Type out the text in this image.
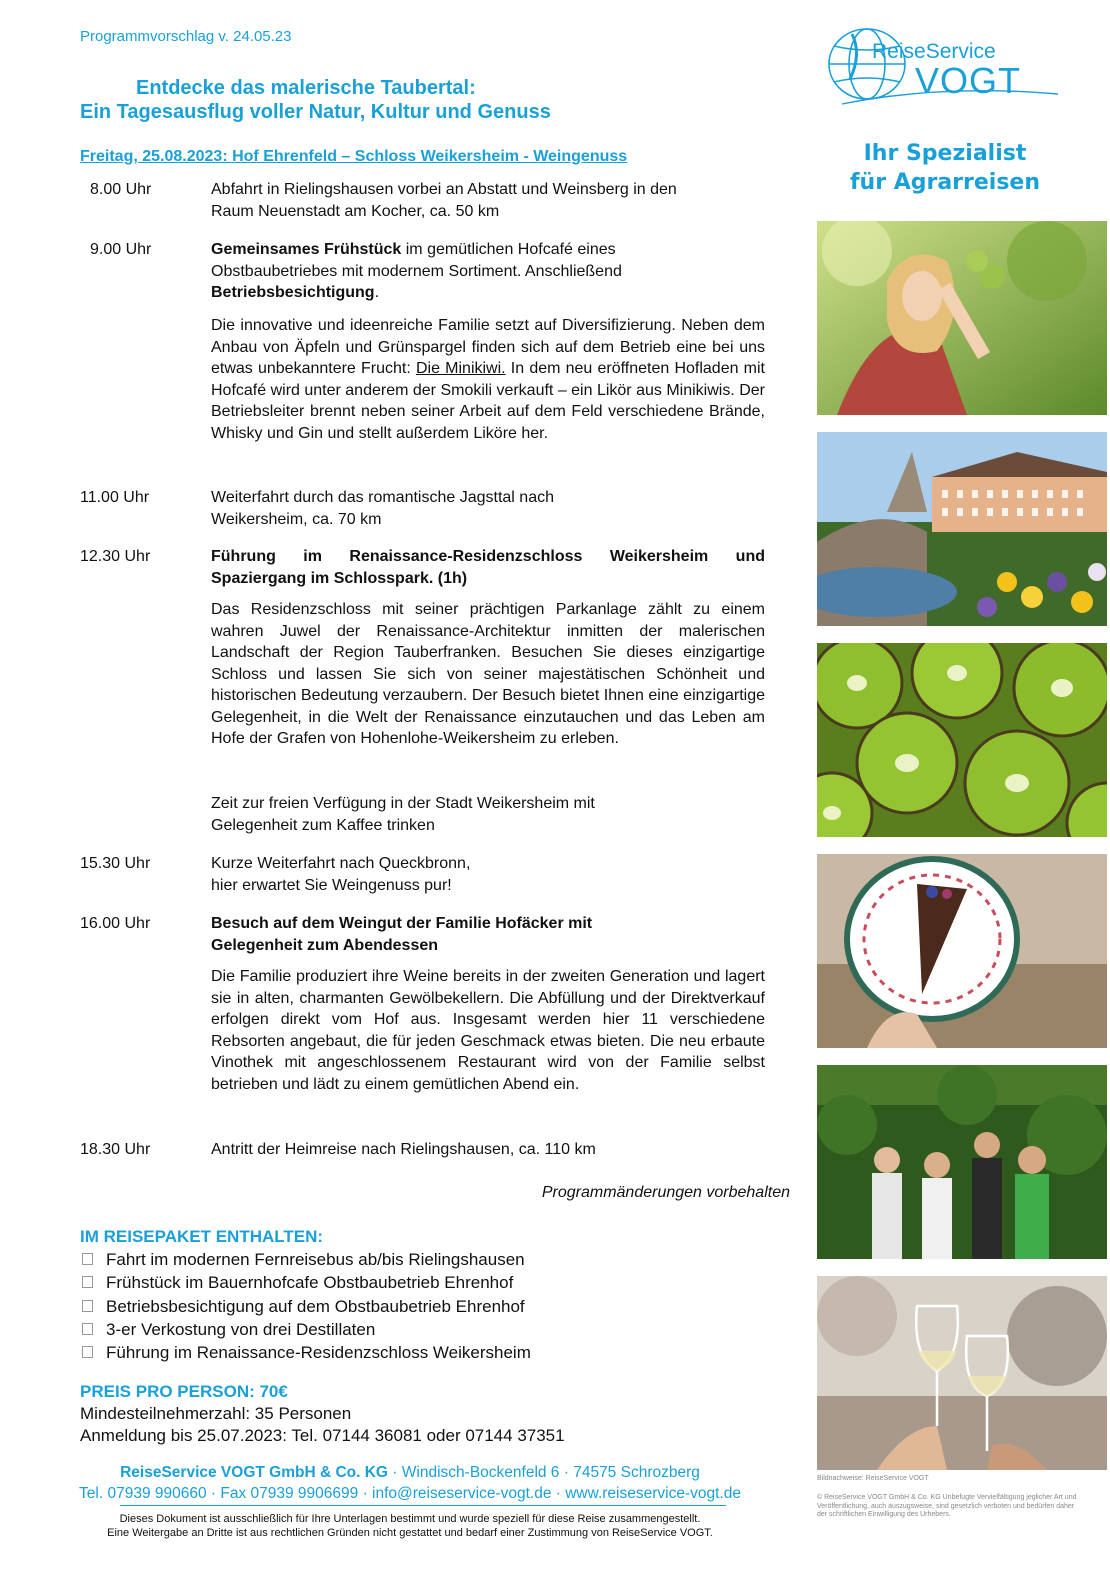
Programmvorschlag v. 24.05.23
Entdecke das malerische Taubertal:
Ein Tagesausflug voller Natur, Kultur und Genuss
Freitag, 25.08.2023: Hof Ehrenfeld – Schloss Weikersheim - Weingenuss
8.00 Uhr	Abfahrt in Rielingshausen vorbei an Abstatt und Weinsberg in den
Raum Neuenstadt am Kocher, ca. 50 km
9.00 Uhr	Gemeinsames Frühstück im gemütlichen Hofcafé eines
Obstbaubetriebes mit modernem Sortiment. Anschließend
Betriebsbesichtigung.
Die innovative und ideenreiche Familie setzt auf Diversifizierung. Neben dem Anbau von Äpfeln und Grünspargel finden sich auf dem Betrieb eine bei uns etwas unbekanntere Frucht: Die Minikiwi. In dem neu eröffneten Hofladen mit Hofcafé wird unter anderem der Smokili verkauft – ein Likör aus Minikiwis. Der Betriebsleiter brennt neben seiner Arbeit auf dem Feld verschiedene Brände, Whisky und Gin und stellt außerdem Liköre her.
11.00 Uhr	Weiterfahrt durch das romantische Jagsttal nach
Weikersheim, ca. 70 km
12.30 Uhr	Führung im Renaissance-Residenzschloss Weikersheim und
Spaziergang im Schlosspark. (1h)
Das Residenzschloss mit seiner prächtigen Parkanlage zählt zu einem wahren Juwel der Renaissance-Architektur inmitten der malerischen Landschaft der Region Tauberfranken. Besuchen Sie dieses einzigartige Schloss und lassen Sie sich von seiner majestätischen Schönheit und historischen Bedeutung verzaubern. Der Besuch bietet Ihnen eine einzigartige Gelegenheit, in die Welt der Renaissance einzutauchen und das Leben am Hofe der Grafen von Hohenlohe-Weikersheim zu erleben.
Zeit zur freien Verfügung in der Stadt Weikersheim mit
Gelegenheit zum Kaffee trinken
15.30 Uhr	Kurze Weiterfahrt nach Queckbronn,
hier erwartet Sie Weingenuss pur!
16.00 Uhr	Besuch auf dem Weingut der Familie Hofäcker mit
Gelegenheit zum Abendessen
Die Familie produziert ihre Weine bereits in der zweiten Generation und lagert sie in alten, charmanten Gewölbekellern. Die Abfüllung und der Direktverkauf erfolgen direkt vom Hof aus. Insgesamt werden hier 11 verschiedene Rebsorten angebaut, die für jeden Geschmack etwas bieten. Die neu erbaute Vinothek mit angeschlossenem Restaurant wird von der Familie selbst betrieben und lädt zu einem gemütlichen Abend ein.
18.30 Uhr	Antritt der Heimreise nach Rielingshausen, ca. 110 km
Programmänderungen vorbehalten
IM REISEPAKET ENTHALTEN:
Fahrt im modernen Fernreisebus ab/bis Rielingshausen
Frühstück im Bauernhofcafe Obstbaubetrieb Ehrenhof
Betriebsbesichtigung auf dem Obstbaubetrieb Ehrenhof
3-er Verkostung von drei Destillaten
Führung im Renaissance-Residenzschloss Weikersheim
PREIS PRO PERSON: 70€
Mindesteilnehmerzahl: 35 Personen
Anmeldung bis 25.07.2023: Tel. 07144 36081 oder 07144 37351
ReiseService VOGT GmbH & Co. KG · Windisch-Bockenfeld 6 · 74575 Schrozberg
Tel. 07939 990660 · Fax 07939 9906699 · info@reiseservice-vogt.de · www.reiseservice-vogt.de
Dieses Dokument ist ausschließlich für Ihre Unterlagen bestimmt und wurde speziell für diese Reise zusammengestellt.
Eine Weitergabe an Dritte ist aus rechtlichen Gründen nicht gestattet und bedarf einer Zustimmung von ReiseService VOGT.
ReiseService
VOGT
Ihr Spezialist
für Agrarreisen
Bildnachweise: ReiseService VOGT
© ReiseService VOGT GmbH & Co. KG Unbefugte Vervielfältigung jeglicher Art und Veröffentlichung, auch auszugsweise, sind gesetzlich verboten und bedürfen daher der schriftlichen Einwilligung des Urhebers.
